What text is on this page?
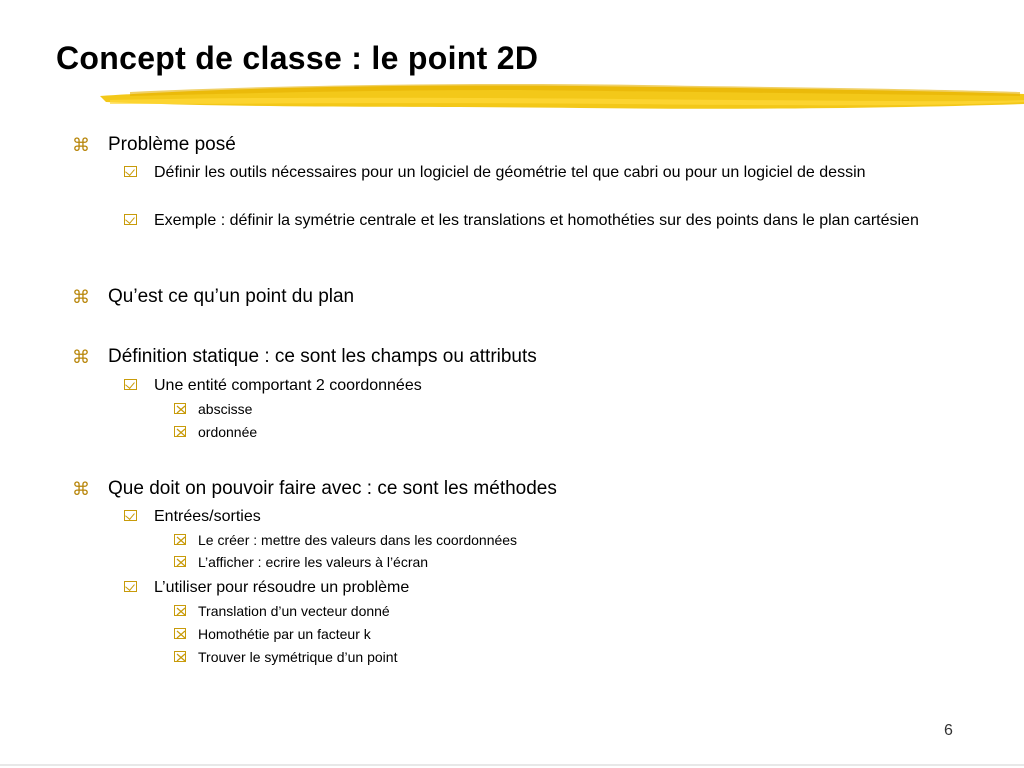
Concept de classe : le point 2D
⌘ Problème posé
Définir les outils nécessaires pour un logiciel de géométrie tel que cabri ou pour un logiciel de dessin
Exemple : définir la symétrie centrale et les translations et homothéties sur des points dans le plan cartésien
⌘ Qu’est ce qu’un point du plan
⌘ Définition statique : ce sont les champs ou attributs
Une entité comportant 2 coordonnées
abscisse
ordonnée
⌘ Que doit on pouvoir faire avec : ce sont les méthodes
Entrées/sorties
Le créer : mettre des valeurs dans les coordonnées
L’afficher : ecrire les valeurs à l’écran
L’utiliser pour résoudre un problème
Translation d’un vecteur donné
Homothétie par un facteur k
Trouver le symétrique d’un point
6
